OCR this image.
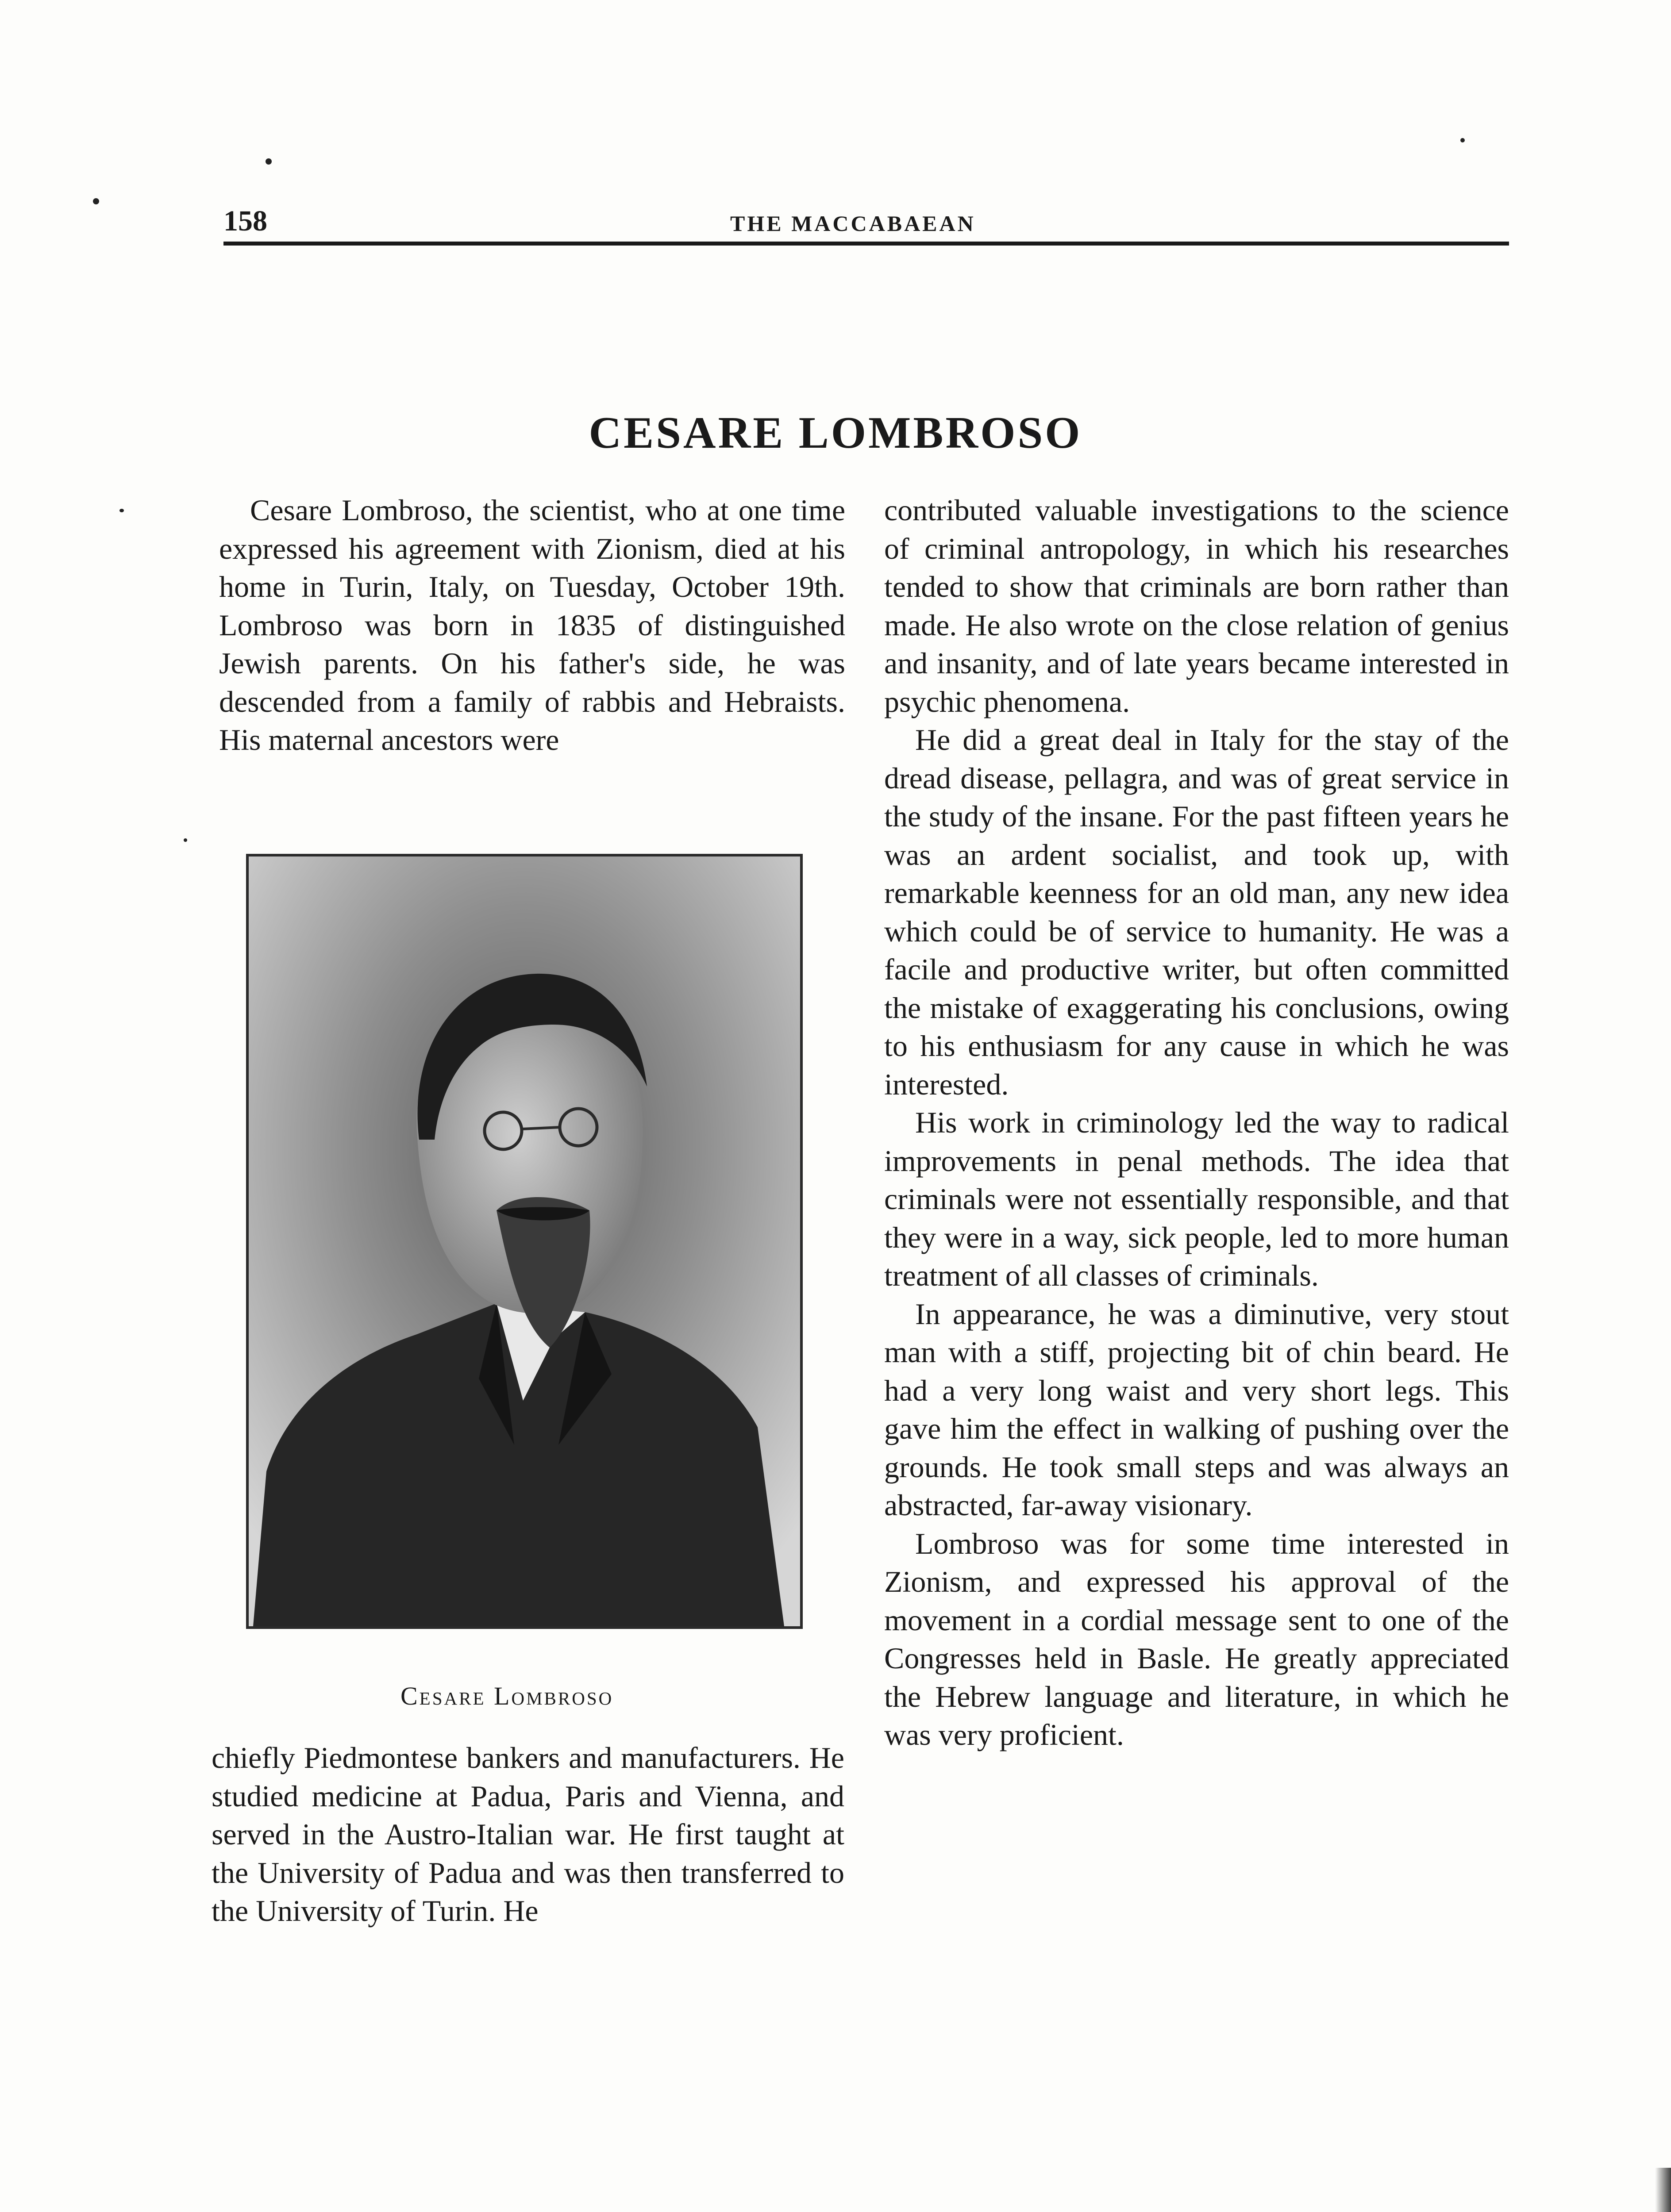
158	THE MACCABAEAN
CESARE LOMBROSO

Cesare Lombroso, the scientist, who at one time expressed his agreement with Zionism, died at his home in Turin, Italy, on Tuesday, October 19th. Lombroso was born in 1835 of distinguished Jewish parents. On his father's side, he was descended from a family of rabbis and Hebraists. His maternal ancestors were

Cesare Lombroso

chiefly Piedmontese bankers and manufacturers. He studied medicine at Padua, Paris and Vienna, and served in the Austro-Italian war. He first taught at the University of Padua and was then transferred to the University of Turin. He

contributed valuable investigations to the science of criminal antropology, in which his researches tended to show that criminals are born rather than made. He also wrote on the close relation of genius and insanity, and of late years became interested in psychic phenomena.

He did a great deal in Italy for the stay of the dread disease, pellagra, and was of great service in the study of the insane. For the past fifteen years he was an ardent socialist, and took up, with remarkable keenness for an old man, any new idea which could be of service to humanity. He was a facile and productive writer, but often committed the mistake of exaggerating his conclusions, owing to his enthusiasm for any cause in which he was interested.

His work in criminology led the way to radical improvements in penal methods. The idea that criminals were not essentially responsible, and that they were in a way, sick people, led to more human treatment of all classes of criminals.

In appearance, he was a diminutive, very stout man with a stiff, projecting bit of chin beard. He had a very long waist and very short legs. This gave him the effect in walking of pushing over the grounds. He took small steps and was always an abstracted, far-away visionary.

Lombroso was for some time interested in Zionism, and expressed his approval of the movement in a cordial message sent to one of the Congresses held in Basle. He greatly appreciated the Hebrew language and literature, in which he was very proficient.
